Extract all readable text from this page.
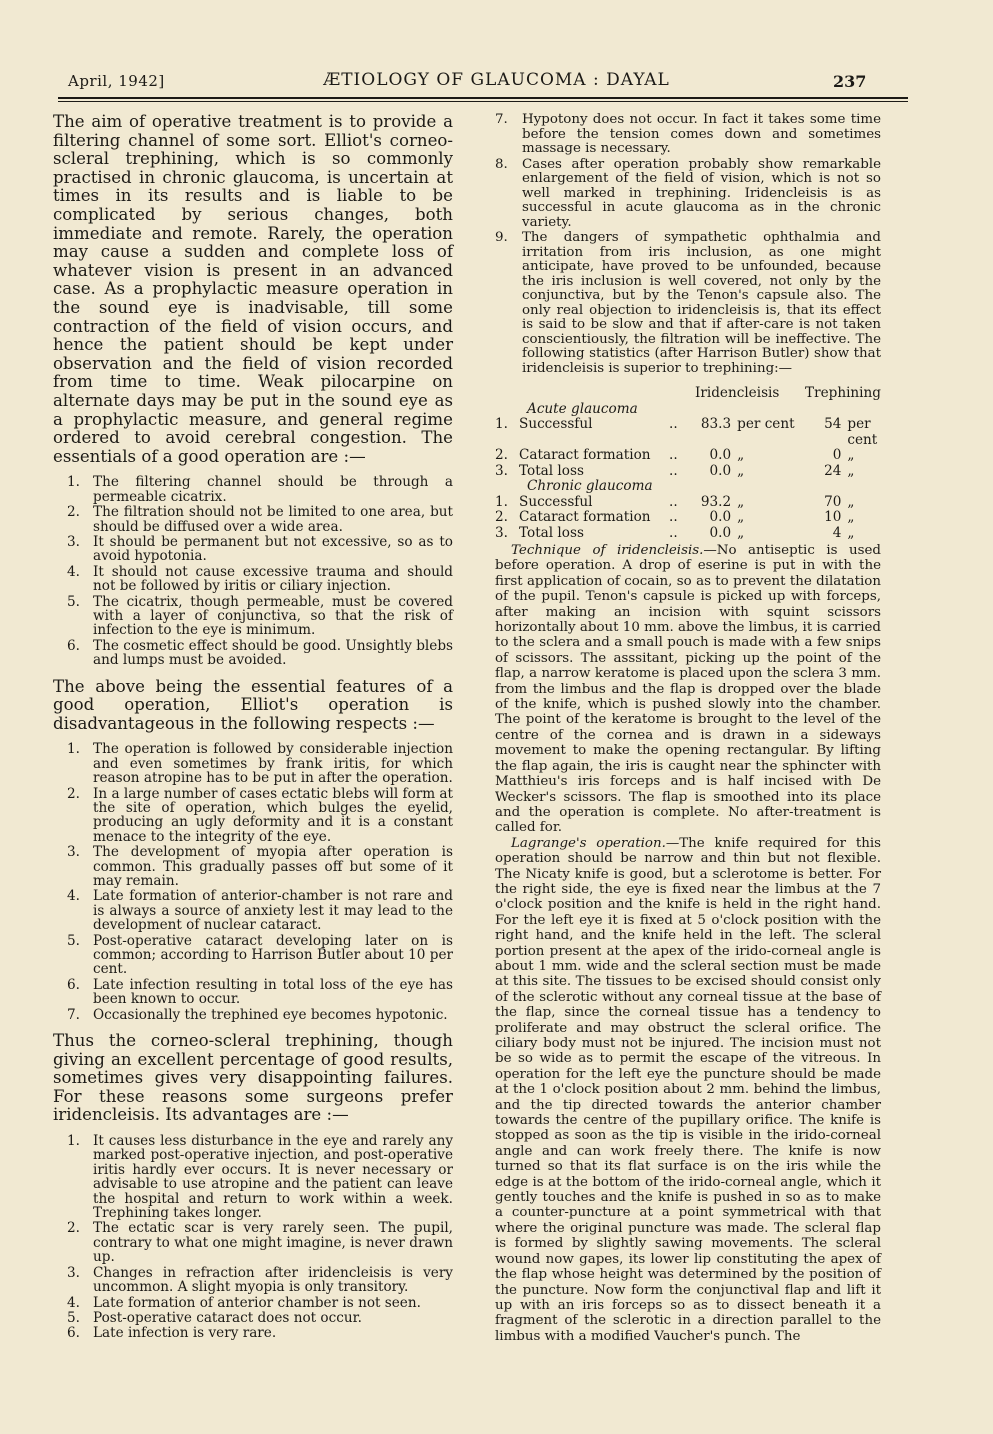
April, 1942]	ÆTIOLOGY OF GLAUCOMA : DAYAL	237

The aim of operative treatment is to provide a filtering channel of some sort. Elliot's corneo-scleral trephining, which is so commonly practised in chronic glaucoma, is uncertain at times in its results and is liable to be complicated by serious changes, both immediate and remote. Rarely, the operation may cause a sudden and complete loss of whatever vision is present in an advanced case. As a prophylactic measure operation in the sound eye is inadvisable, till some contraction of the field of vision occurs, and hence the patient should be kept under observation and the field of vision recorded from time to time. Weak pilocarpine on alternate days may be put in the sound eye as a prophylactic measure, and general regime ordered to avoid cerebral congestion. The essentials of a good operation are :—

1. The filtering channel should be through a permeable cicatrix.
2. The filtration should not be limited to one area, but should be diffused over a wide area.
3. It should be permanent but not excessive, so as to avoid hypotonia.
4. It should not cause excessive trauma and should not be followed by iritis or ciliary injection.
5. The cicatrix, though permeable, must be covered with a layer of conjunctiva, so that the risk of infection to the eye is minimum.
6. The cosmetic effect should be good. Unsightly blebs and lumps must be avoided.

The above being the essential features of a good operation, Elliot's operation is disadvantageous in the following respects :—

1. The operation is followed by considerable injection and even sometimes by frank iritis, for which reason atropine has to be put in after the operation.
2. In a large number of cases ectatic blebs will form at the site of operation, which bulges the eyelid, producing an ugly deformity and it is a constant menace to the integrity of the eye.
3. The development of myopia after operation is common. This gradually passes off but some of it may remain.
4. Late formation of anterior-chamber is not rare and is always a source of anxiety lest it may lead to the development of nuclear cataract.
5. Post-operative cataract developing later on is common; according to Harrison Butler about 10 per cent.
6. Late infection resulting in total loss of the eye has been known to occur.
7. Occasionally the trephined eye becomes hypotonic.

Thus the corneo-scleral trephining, though giving an excellent percentage of good results, sometimes gives very disappointing failures. For these reasons some surgeons prefer iridencleisis. Its advantages are :—

1. It causes less disturbance in the eye and rarely any marked post-operative injection, and post-operative iritis hardly ever occurs. It is never necessary or advisable to use atropine and the patient can leave the hospital and return to work within a week. Trephining takes longer.
2. The ectatic scar is very rarely seen. The pupil, contrary to what one might imagine, is never drawn up.
3. Changes in refraction after iridencleisis is very uncommon. A slight myopia is only transitory.
4. Late formation of anterior chamber is not seen.
5. Post-operative cataract does not occur.
6. Late infection is very rare.
7. Hypotony does not occur. In fact it takes some time before the tension comes down and sometimes massage is necessary.
8. Cases after operation probably show remarkable enlargement of the field of vision, which is not so well marked in trephining. Iridencleisis is as successful in acute glaucoma as in the chronic variety.
9. The dangers of sympathetic ophthalmia and irritation from iris inclusion, as one might anticipate, have proved to be unfounded, because the iris inclusion is well covered, not only by the conjunctiva, but by the Tenon's capsule also. The only real objection to iridencleisis is, that its effect is said to be slow and that if after-care is not taken conscientiously, the filtration will be ineffective. The following statistics (after Harrison Butler) show that iridencleisis is superior to trephining:—
			Iridencleisis		Trephining	
Acute glaucoma						
1.	Successful	..	83.3	per cent	54	per cent
2.	Cataract formation	..	0.0	„	0	„
3.	Total loss	..	0.0	„	24	„
Chronic glaucoma						
1.	Successful	..	93.2	„	70	„
2.	Cataract formation	..	0.0	„	10	„
3.	Total loss	..	0.0	„	4	„

Technique of iridencleisis.—No antiseptic is used before operation. A drop of eserine is put in with the first application of cocain, so as to prevent the dilatation of the pupil. Tenon's capsule is picked up with forceps, after making an incision with squint scissors horizontally about 10 mm. above the limbus, it is carried to the sclera and a small pouch is made with a few snips of scissors. The asssitant, picking up the point of the flap, a narrow keratome is placed upon the sclera 3 mm. from the limbus and the flap is dropped over the blade of the knife, which is pushed slowly into the chamber. The point of the keratome is brought to the level of the centre of the cornea and is drawn in a sideways movement to make the opening rectangular. By lifting the flap again, the iris is caught near the sphincter with Matthieu's iris forceps and is half incised with De Wecker's scissors. The flap is smoothed into its place and the operation is complete. No after-treatment is called for.

Lagrange's operation.—The knife required for this operation should be narrow and thin but not flexible. The Nicaty knife is good, but a sclerotome is better. For the right side, the eye is fixed near the limbus at the 7 o'clock position and the knife is held in the right hand. For the left eye it is fixed at 5 o'clock position with the right hand, and the knife held in the left. The scleral portion present at the apex of the irido-corneal angle is about 1 mm. wide and the scleral section must be made at this site. The tissues to be excised should consist only of the sclerotic without any corneal tissue at the base of the flap, since the corneal tissue has a tendency to proliferate and may obstruct the scleral orifice. The ciliary body must not be injured. The incision must not be so wide as to permit the escape of the vitreous. In operation for the left eye the puncture should be made at the 1 o'clock position about 2 mm. behind the limbus, and the tip directed towards the anterior chamber towards the centre of the pupillary orifice. The knife is stopped as soon as the tip is visible in the irido-corneal angle and can work freely there. The knife is now turned so that its flat surface is on the iris while the edge is at the bottom of the irido-corneal angle, which it gently touches and the knife is pushed in so as to make a counter-puncture at a point symmetrical with that where the original puncture was made. The scleral flap is formed by slightly sawing movements. The scleral wound now gapes, its lower lip constituting the apex of the flap whose height was determined by the position of the puncture. Now form the conjunctival flap and lift it up with an iris forceps so as to dissect beneath it a fragment of the sclerotic in a direction parallel to the limbus with a modified Vaucher's punch. The
